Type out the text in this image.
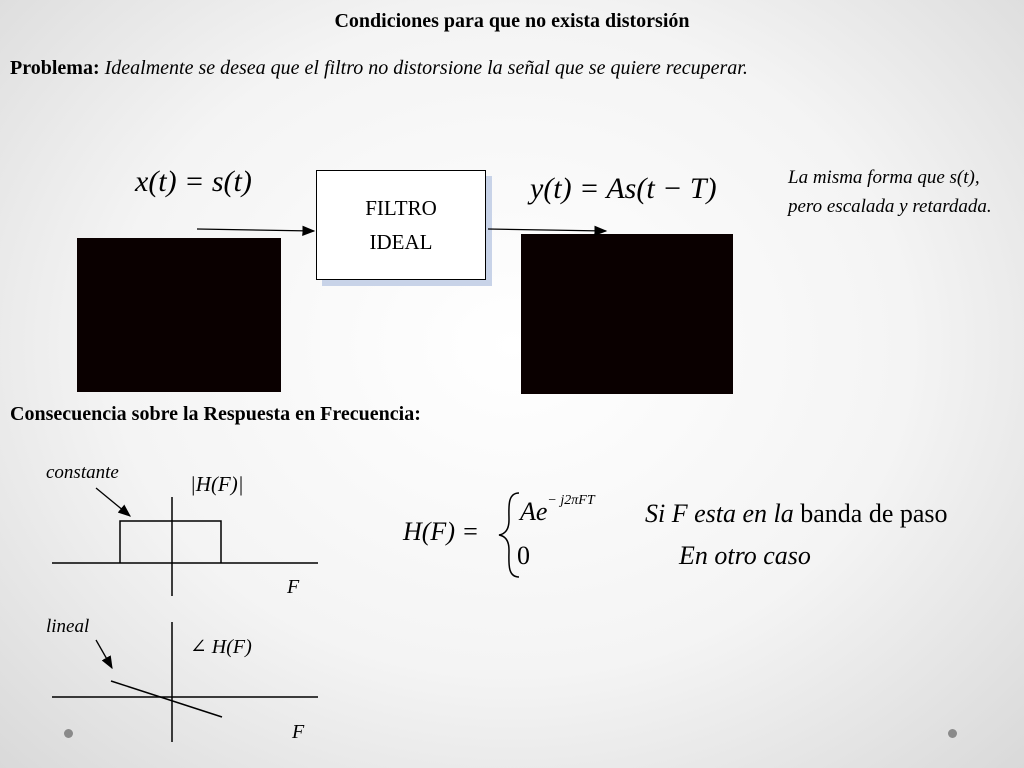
Condiciones para que no exista distorsión
Problema: Idealmente se desea que el filtro no distorsione la señal que se quiere recuperar.
x(t) = s(t)
FILTRO
IDEAL
y(t) = As(t − T)	La misma forma que s(t), pero escalada y retardada.
Consecuencia sobre la Respuesta en Frecuencia:
constante	|H(F)|
F
lineal
∠ H(F)
F
H(F) =
$Ae^{- j2\pi FT}$ Si F esta en la banda de paso
0	En otro caso
